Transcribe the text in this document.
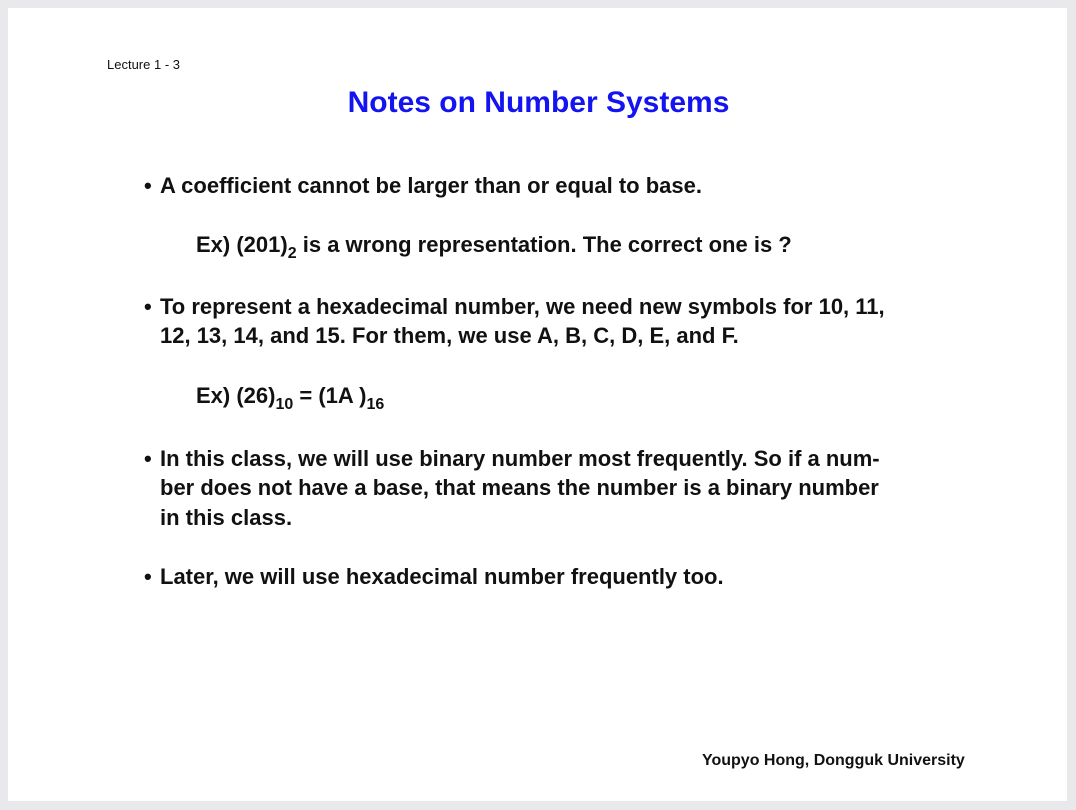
Lecture 1 - 3
Notes on Number Systems
• A coefficient cannot be larger than or equal to base.
Ex) $(201)_2$ is a wrong representation. The correct one is ?
• To represent a hexadecimal number, we need new symbols for 10, 11,
12, 13, 14, and 15. For them, we use A, B, C, D, E, and F.
Ex) $(26)_{10} = (1A$ )$_{16}$
• In this class, we will use binary number most frequently. So if a num-
ber does not have a base, that means the number is a binary number
in this class.
• Later, we will use hexadecimal number frequently too.
Youpyo Hong, Dongguk University
